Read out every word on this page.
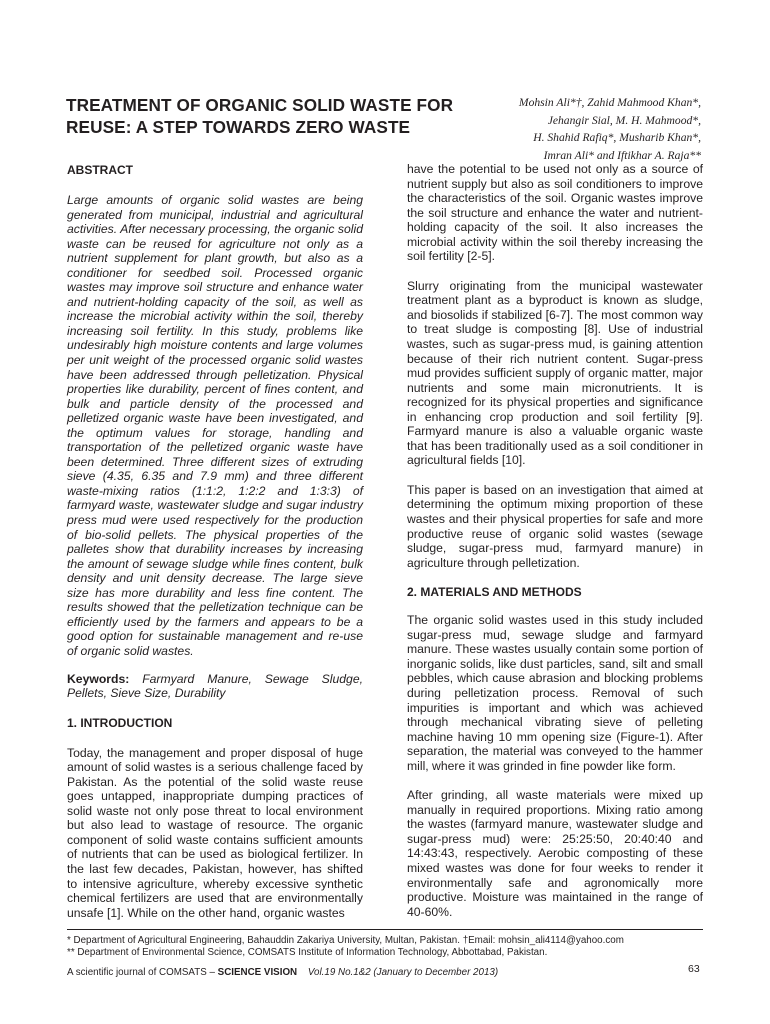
TREATMENT OF ORGANIC SOLID WASTE FOR
REUSE: A STEP TOWARDS ZERO WASTE
Mohsin Ali*†, Zahid Mahmood Khan*,
Jehangir Sial, M. H. Mahmood*,
H. Shahid Rafiq*, Musharib Khan*,
Imran Ali* and Iftikhar A. Raja**
ABSTRACT

Large amounts of organic solid wastes are being generated from municipal, industrial and agricultural activities. After necessary processing, the organic solid waste can be reused for agriculture not only as a nutrient supplement for plant growth, but also as a conditioner for seedbed soil. Processed organic wastes may improve soil structure and enhance water and nutrient-holding capacity of the soil, as well as increase the microbial activity within the soil, thereby increasing soil fertility. In this study, problems like undesirably high moisture contents and large volumes per unit weight of the processed organic solid wastes have been addressed through pelletization. Physical properties like durability, percent of fines content, and bulk and particle density of the processed and pelletized organic waste have been investigated, and the optimum values for storage, handling and transportation of the pelletized organic waste have been determined. Three different sizes of extruding sieve (4.35, 6.35 and 7.9 mm) and three different waste-mixing ratios (1:1:2, 1:2:2 and 1:3:3) of farmyard waste, wastewater sludge and sugar industry press mud were used respectively for the production of bio-solid pellets. The physical properties of the palletes show that durability increases by increasing the amount of sewage sludge while fines content, bulk density and unit density decrease. The large sieve size has more durability and less fine content. The results showed that the pelletization technique can be efficiently used by the farmers and appears to be a good option for sustainable management and re-use of organic solid wastes.

Keywords: Farmyard Manure, Sewage Sludge, Pellets, Sieve Size, Durability

1. INTRODUCTION

Today, the management and proper disposal of huge amount of solid wastes is a serious challenge faced by Pakistan. As the potential of the solid waste reuse goes untapped, inappropriate dumping practices of solid waste not only pose threat to local environment but also lead to wastage of resource. The organic component of solid waste contains sufficient amounts of nutrients that can be used as biological fertilizer. In the last few decades, Pakistan, however, has shifted to intensive agriculture, whereby excessive synthetic chemical fertilizers are used that are environmentally unsafe [1]. While on the other hand, organic wastes

have the potential to be used not only as a source of nutrient supply but also as soil conditioners to improve the characteristics of the soil. Organic wastes improve the soil structure and enhance the water and nutrient-holding capacity of the soil. It also increases the microbial activity within the soil thereby increasing the soil fertility [2-5].

Slurry originating from the municipal wastewater treatment plant as a byproduct is known as sludge, and biosolids if stabilized [6-7]. The most common way to treat sludge is composting [8]. Use of industrial wastes, such as sugar-press mud, is gaining attention because of their rich nutrient content. Sugar-press mud provides sufficient supply of organic matter, major nutrients and some main micronutrients. It is recognized for its physical properties and significance in enhancing crop production and soil fertility [9]. Farmyard manure is also a valuable organic waste that has been traditionally used as a soil conditioner in agricultural fields [10].

This paper is based on an investigation that aimed at determining the optimum mixing proportion of these wastes and their physical properties for safe and more productive reuse of organic solid wastes (sewage sludge, sugar-press mud, farmyard manure) in agriculture through pelletization.

2. MATERIALS AND METHODS

The organic solid wastes used in this study included sugar-press mud, sewage sludge and farmyard manure. These wastes usually contain some portion of inorganic solids, like dust particles, sand, silt and small pebbles, which cause abrasion and blocking problems during pelletization process. Removal of such impurities is important and which was achieved through mechanical vibrating sieve of pelleting machine having 10 mm opening size (Figure-1). After separation, the material was conveyed to the hammer mill, where it was grinded in fine powder like form.

After grinding, all waste materials were mixed up manually in required proportions. Mixing ratio among the wastes (farmyard manure, wastewater sludge and sugar-press mud) were: 25:25:50, 20:40:40 and 14:43:43, respectively. Aerobic composting of these mixed wastes was done for four weeks to render it environmentally safe and agronomically more productive. Moisture was maintained in the range of 40-60%.

* Department of Agricultural Engineering, Bahauddin Zakariya University, Multan, Pakistan. †Email: mohsin_ali4114@yahoo.com
** Department of Environmental Science, COMSATS Institute of Information Technology, Abbottabad, Pakistan.
A scientific journal of COMSATS – SCIENCE VISION Vol.19 No.1&2 (January to December 2013)	63
